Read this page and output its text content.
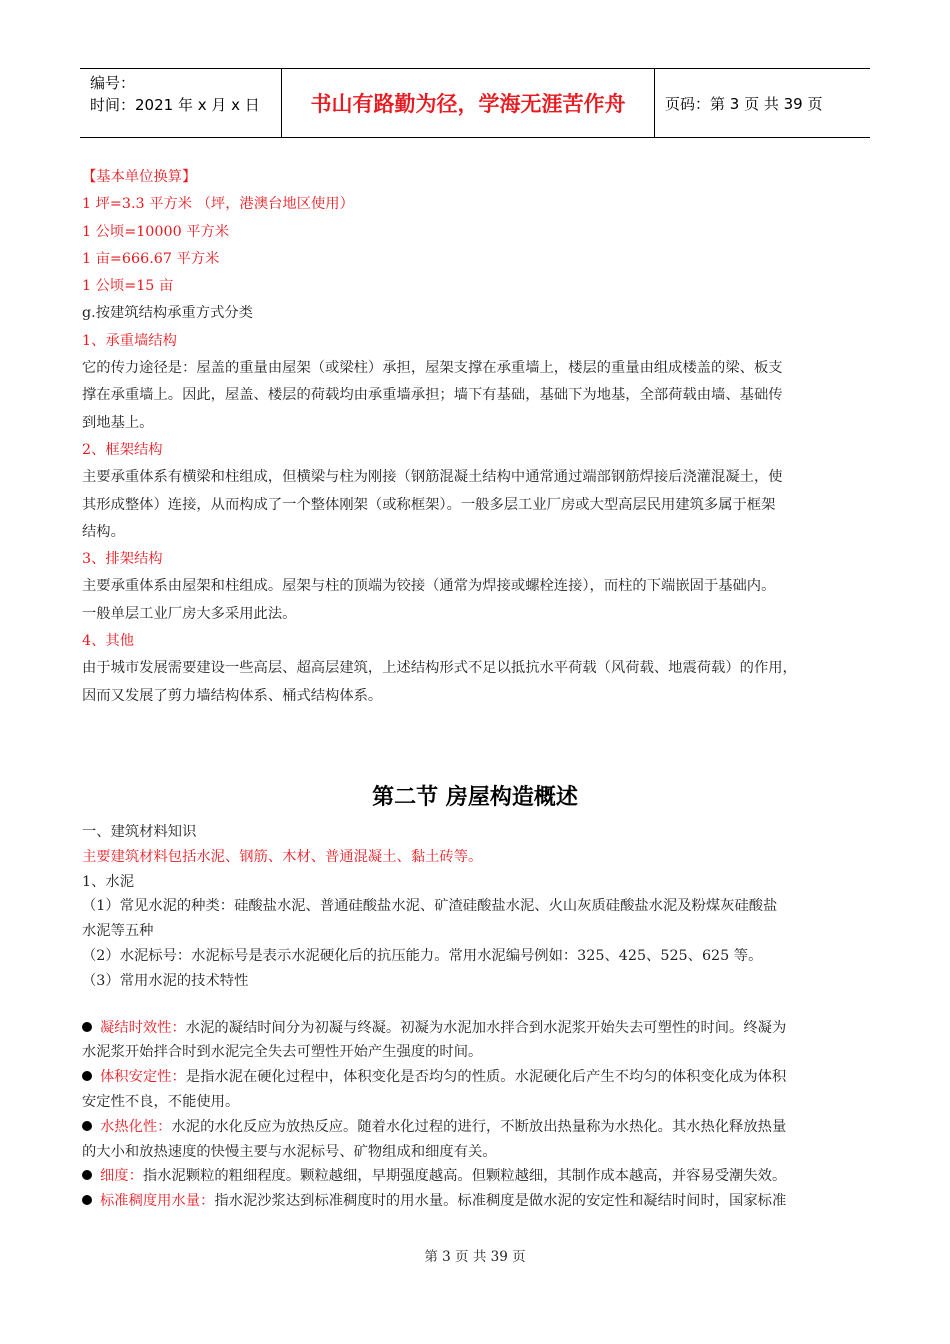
编号：
时间：2021 年 x 月 x 日	书山有路勤为径，学海无涯苦作舟	页码：第 3 页 共 39 页
【基本单位换算】
1 坪=3.3 平方米 （坪，港澳台地区使用）
1 公顷=10000 平方米
1 亩=666.67 平方米
1 公顷=15 亩
g.按建筑结构承重方式分类
1、承重墙结构
它的传力途径是：屋盖的重量由屋架（或梁柱）承担，屋架支撑在承重墙上，楼层的重量由组成楼盖的梁、板支
撑在承重墙上。因此，屋盖、楼层的荷载均由承重墙承担；墙下有基础，基础下为地基，全部荷载由墙、基础传
到地基上。
2、框架结构
主要承重体系有横梁和柱组成，但横梁与柱为刚接（钢筋混凝土结构中通常通过端部钢筋焊接后浇灌混凝土，使
其形成整体）连接，从而构成了一个整体刚架（或称框架）。一般多层工业厂房或大型高层民用建筑多属于框架
结构。
3、排架结构
主要承重体系由屋架和柱组成。屋架与柱的顶端为铰接（通常为焊接或螺栓连接），而柱的下端嵌固于基础内。
一般单层工业厂房大多采用此法。
4、其他
由于城市发展需要建设一些高层、超高层建筑，上述结构形式不足以抵抗水平荷载（风荷载、地震荷载）的作用，
因而又发展了剪力墙结构体系、桶式结构体系。
第二节 房屋构造概述
一、建筑材料知识
主要建筑材料包括水泥、钢筋、木材、普通混凝土、黏土砖等。
1、水泥
（1）常见水泥的种类：硅酸盐水泥、普通硅酸盐水泥、矿渣硅酸盐水泥、火山灰质硅酸盐水泥及粉煤灰硅酸盐
水泥等五种
（2）水泥标号：水泥标号是表示水泥硬化后的抗压能力。常用水泥编号例如：325、425、525、625 等。
（3）常用水泥的技术特性
凝结时效性：水泥的凝结时间分为初凝与终凝。初凝为水泥加水拌合到水泥浆开始失去可塑性的时间。终凝为
水泥浆开始拌合时到水泥完全失去可塑性开始产生强度的时间。
体积安定性：是指水泥在硬化过程中，体积变化是否均匀的性质。水泥硬化后产生不均匀的体积变化成为体积
安定性不良，不能使用。
水热化性：水泥的水化反应为放热反应。随着水化过程的进行，不断放出热量称为水热化。其水热化释放热量
的大小和放热速度的快慢主要与水泥标号、矿物组成和细度有关。
细度：指水泥颗粒的粗细程度。颗粒越细，早期强度越高。但颗粒越细，其制作成本越高，并容易受潮失效。
标准稠度用水量：指水泥沙浆达到标准稠度时的用水量。标准稠度是做水泥的安定性和凝结时间时，国家标准
第 3 页 共 39 页
